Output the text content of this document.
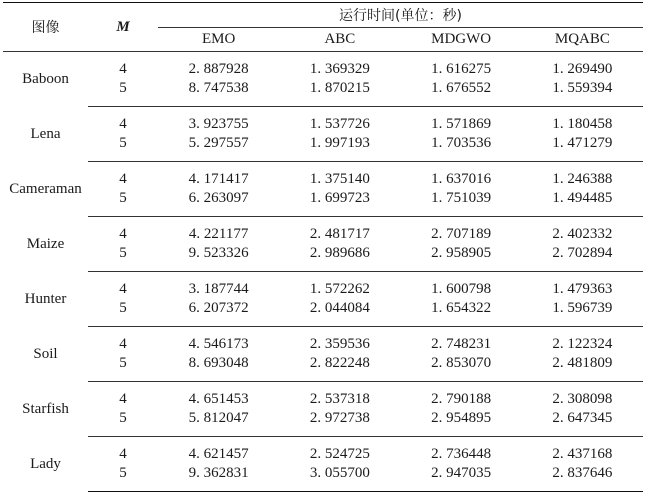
图像	M	运行时间(单位：秒)			
		EMO	ABC	MDGWO	MQABC
Baboon	4	2. 887928	1. 369329	1. 616275	1. 269490
	5	8. 747538	1. 870215	1. 676552	1. 559394
Lena	4	3. 923755	1. 537726	1. 571869	1. 180458
	5	5. 297557	1. 997193	1. 703536	1. 471279
Cameraman	4	4. 171417	1. 375140	1. 637016	1. 246388
	5	6. 263097	1. 699723	1. 751039	1. 494485
Maize	4	4. 221177	2. 481717	2. 707189	2. 402332
	5	9. 523326	2. 989686	2. 958905	2. 702894
Hunter	4	3. 187744	1. 572262	1. 600798	1. 479363
	5	6. 207372	2. 044084	1. 654322	1. 596739
Soil	4	4. 546173	2. 359536	2. 748231	2. 122324
	5	8. 693048	2. 822248	2. 853070	2. 481809
Starfish	4	4. 651453	2. 537318	2. 790188	2. 308098
	5	5. 812047	2. 972738	2. 954895	2. 647345
Lady	4	4. 621457	2. 524725	2. 736448	2. 437168
	5	9. 362831	3. 055700	2. 947035	2. 837646
